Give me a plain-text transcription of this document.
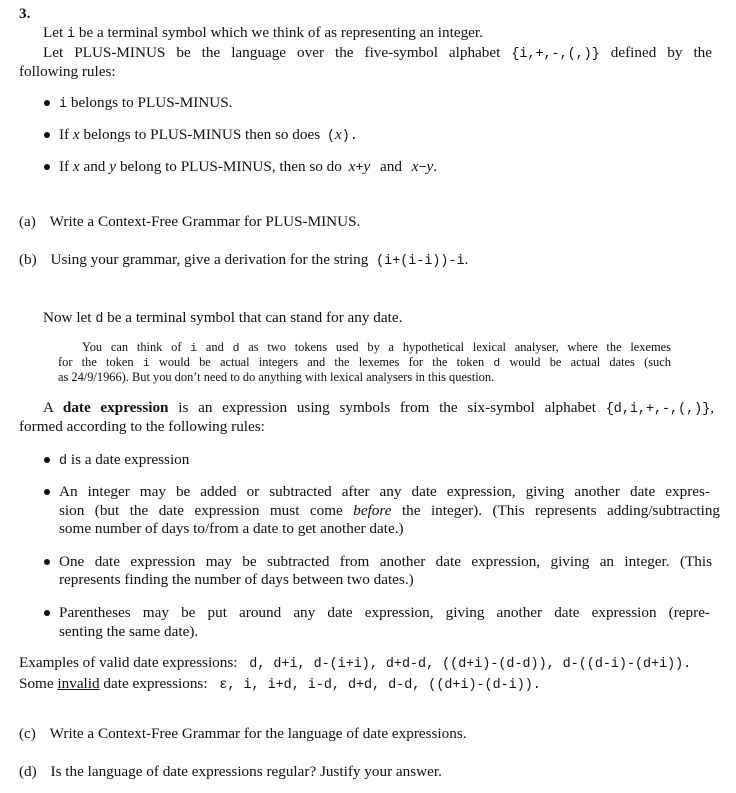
3.
Let i be a terminal symbol which we think of as representing an integer.
Let PLUS-MINUS be the language over the five-symbol alphabet {i,+,-,(,)} defined by the
following rules:
i belongs to PLUS-MINUS.
If x belongs to PLUS-MINUS then so does (x).
If x and y belong to PLUS-MINUS, then so do x+y and x−y.
(a) Write a Context-Free Grammar for PLUS-MINUS.
(b) Using your grammar, give a derivation for the string (i+(i-i))-i.
Now let d be a terminal symbol that can stand for any date.
You can think of i and d as two tokens used by a hypothetical lexical analyser, where the lexemes
for the token i would be actual integers and the lexemes for the token d would be actual dates (such
as 24/9/1966). But you don’t need to do anything with lexical analysers in this question.
A date expression is an expression using symbols from the six-symbol alphabet {d,i,+,-,(,)},
formed according to the following rules:
d is a date expression
An integer may be added or subtracted after any date expression, giving another date expres-
sion (but the date expression must come before the integer). (This represents adding/subtracting
some number of days to/from a date to get another date.)
One date expression may be subtracted from another date expression, giving an integer. (This
represents finding the number of days between two dates.)
Parentheses may be put around any date expression, giving another date expression (repre-
senting the same date).
Examples of valid date expressions: d, d+i, d-(i+i), d+d-d, ((d+i)-(d-d)), d-((d-i)-(d+i)).
Some invalid date expressions: ε, i, i+d, i-d, d+d, d-d, ((d+i)-(d-i)).
(c) Write a Context-Free Grammar for the language of date expressions.
(d) Is the language of date expressions regular? Justify your answer.
